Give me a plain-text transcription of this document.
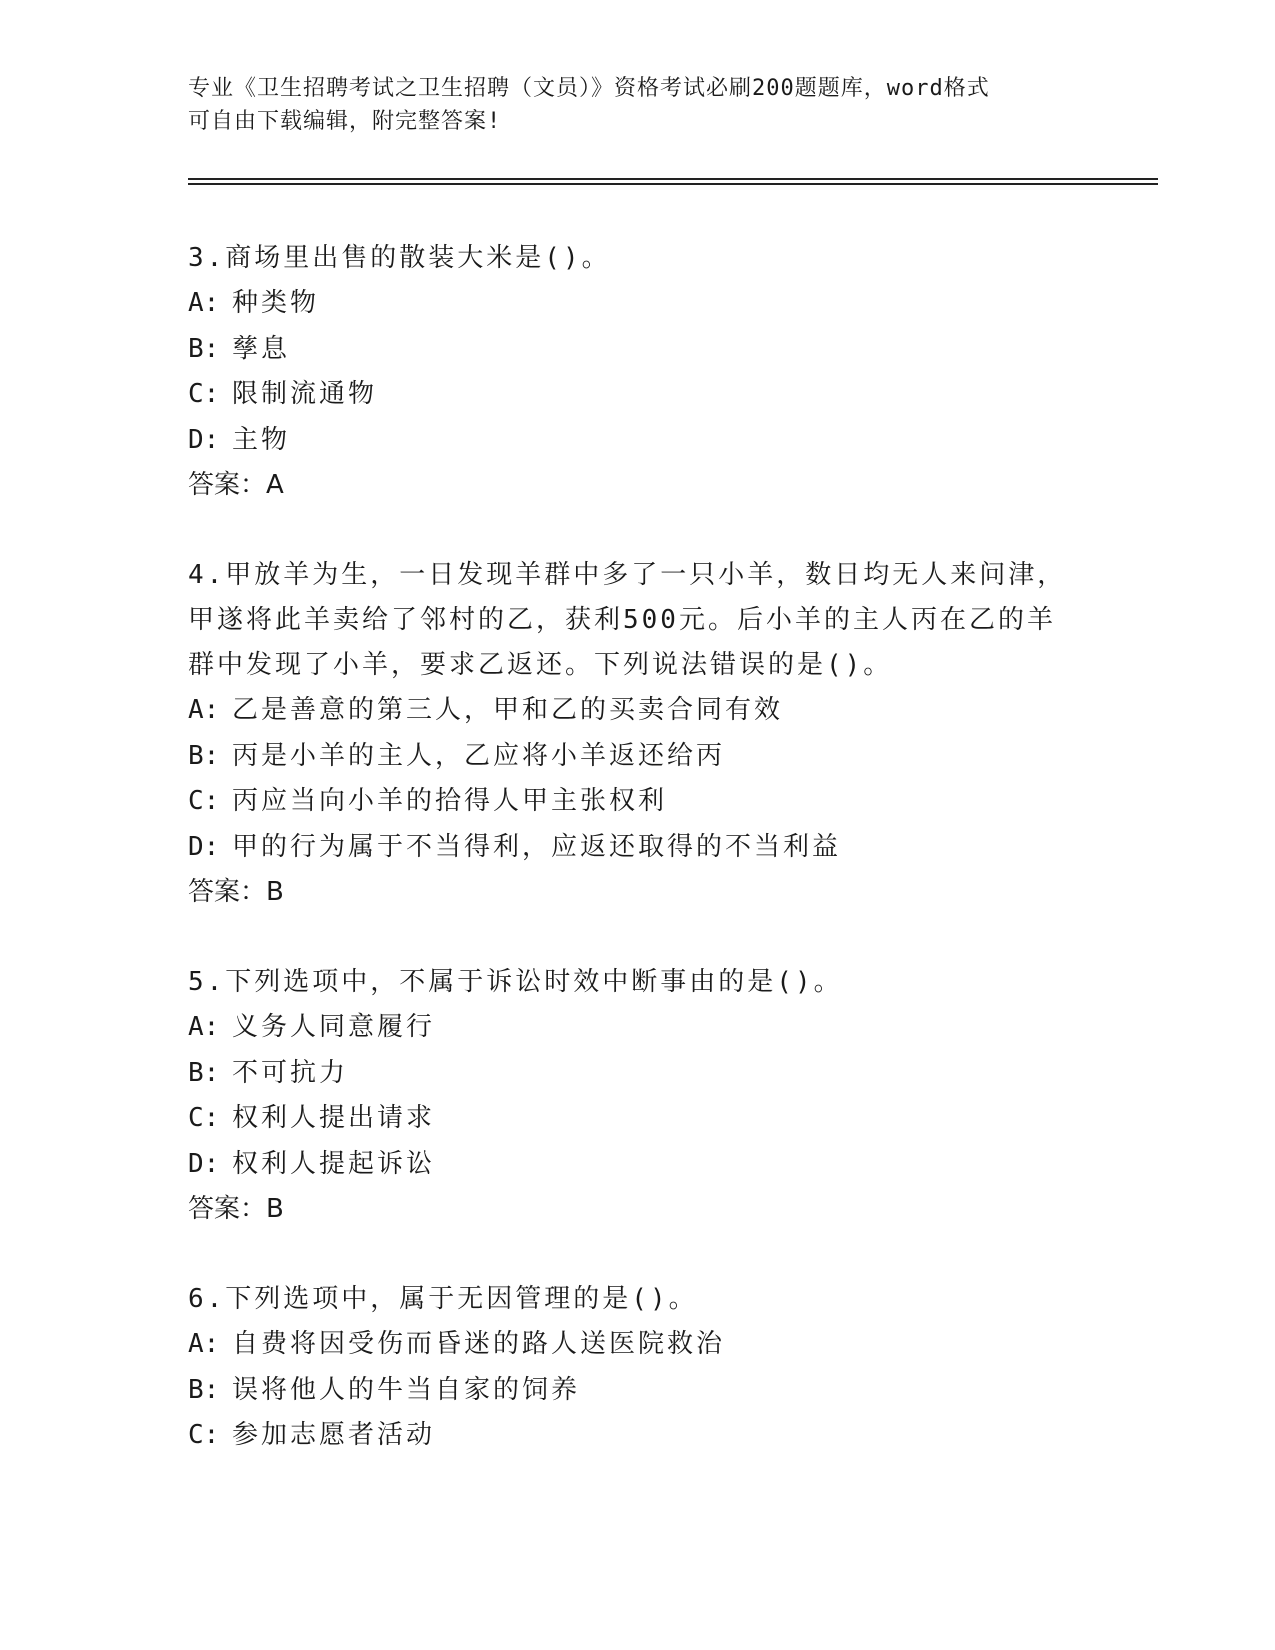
专业《卫生招聘考试之卫生招聘（文员）》资格考试必刷200题题库，word格式

可自由下载编辑，附完整答案!

3.商场里出售的散装大米是()。

A: 种类物
B: 孳息
C: 限制流通物
D: 主物

答案：A

4.甲放羊为生，一日发现羊群中多了一只小羊，数日均无人来问津，

甲遂将此羊卖给了邻村的乙，获利500元。后小羊的主人丙在乙的羊

群中发现了小羊，要求乙返还。下列说法错误的是()。

A: 乙是善意的第三人，甲和乙的买卖合同有效
B: 丙是小羊的主人，乙应将小羊返还给丙
C: 丙应当向小羊的拾得人甲主张权利
D: 甲的行为属于不当得利，应返还取得的不当利益

答案：B

5.下列选项中，不属于诉讼时效中断事由的是()。

A: 义务人同意履行
B: 不可抗力
C: 权利人提出请求
D: 权利人提起诉讼

答案：B

6.下列选项中，属于无因管理的是()。

A: 自费将因受伤而昏迷的路人送医院救治
B: 误将他人的牛当自家的饲养
C: 参加志愿者活动
